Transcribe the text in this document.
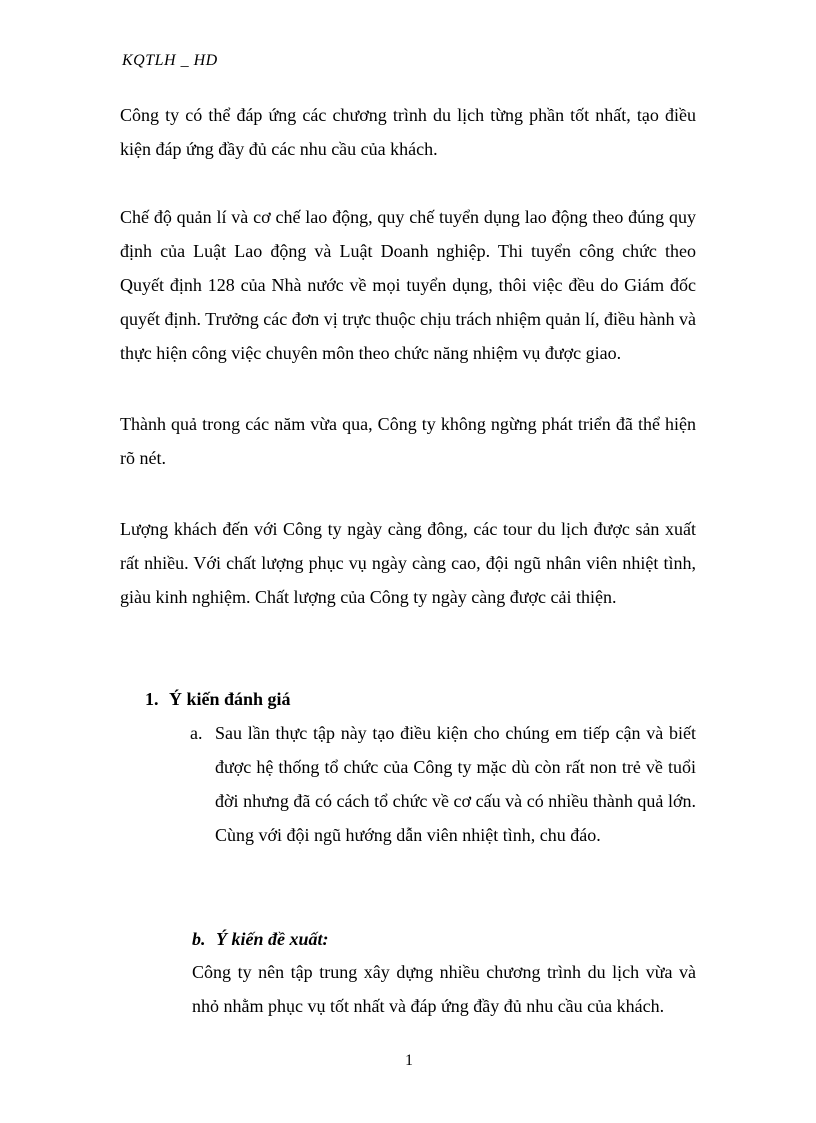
KQTLH _ HD

Công ty có thể đáp ứng các chương trình du lịch từng phần tốt nhất, tạo điều kiện đáp ứng đầy đủ các nhu cầu của khách.

Chế độ quản lí và cơ chế lao động, quy chế tuyển dụng lao động theo đúng quy định của Luật Lao động và Luật Doanh nghiệp. Thi tuyển công chức theo Quyết định 128 của Nhà nước về mọi tuyển dụng, thôi việc đều do Giám đốc quyết định. Trưởng các đơn vị trực thuộc chịu trách nhiệm quản lí, điều hành và thực hiện công việc chuyên môn theo chức năng nhiệm vụ được giao.

Thành quả trong các năm vừa qua, Công ty không ngừng phát triển đã thể hiện rõ nét.

Lượng khách đến với Công ty ngày càng đông, các tour du lịch được sản xuất rất nhiều. Với chất lượng phục vụ ngày càng cao, đội ngũ nhân viên nhiệt tình, giàu kinh nghiệm. Chất lượng của Công ty ngày càng được cải thiện.

1. Ý kiến đánh giá
a. Sau lần thực tập này tạo điều kiện cho chúng em tiếp cận và biết được hệ thống tổ chức của Công ty mặc dù còn rất non trẻ về tuổi đời nhưng đã có cách tổ chức về cơ cấu và có nhiều thành quả lớn. Cùng với đội ngũ hướng dẫn viên nhiệt tình, chu đáo.
b. Ý kiến đề xuất:
Công ty nên tập trung xây dựng nhiều chương trình du lịch vừa và nhỏ nhằm phục vụ tốt nhất và đáp ứng đầy đủ nhu cầu của khách.
1
